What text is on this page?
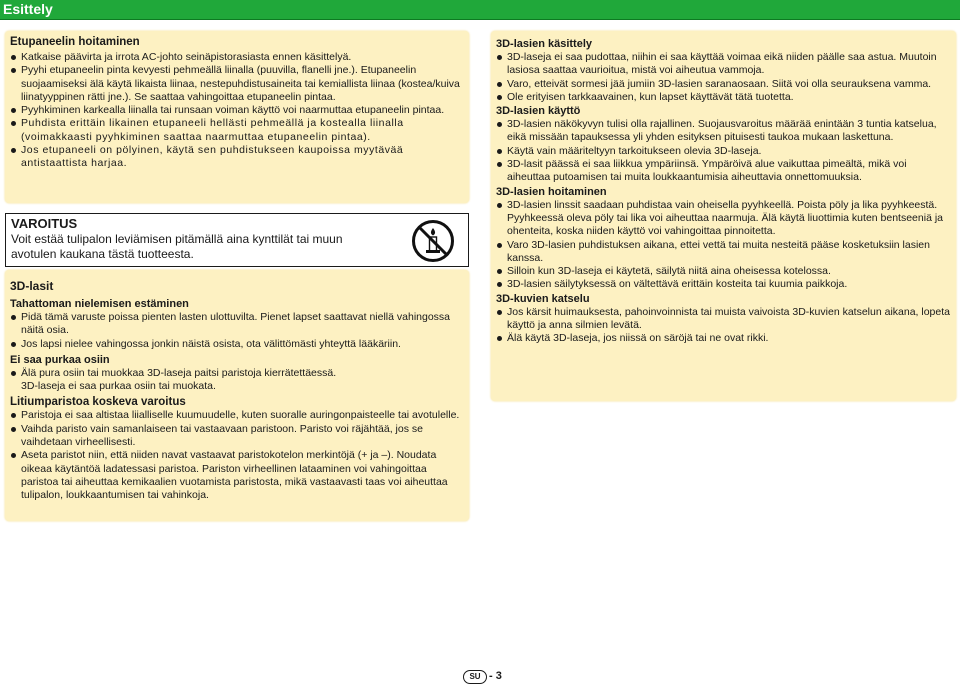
Esittely
Etupaneelin hoitaminen
Katkaise päävirta ja irrota AC-johto seinäpistorasiasta ennen käsittelyä.
Pyyhi etupaneelin pinta kevyesti pehmeällä liinalla (puuvilla, flanelli jne.). Etupaneelin suojaamiseksi älä käytä likaista liinaa, nestepuhdistusaineita tai kemiallista liinaa (kostea/kuiva liinatyyppinen rätti jne.). Se saattaa vahingoittaa etupaneelin pintaa.
Pyyhkiminen karkealla liinalla tai runsaan voiman käyttö voi naarmuttaa etupaneelin pintaa.
Puhdista erittäin likainen etupaneeli hellästi pehmeällä ja kostealla liinalla (voimakkaasti pyyhkiminen saattaa naarmuttaa etupaneelin pintaa).
Jos etupaneeli on pölyinen, käytä sen puhdistukseen kaupoissa myytävää antistaattista harjaa.
VAROITUS
Voit estää tulipalon leviämisen pitämällä aina kynttilät tai muun avotulen kaukana tästä tuotteesta.
3D-lasit
Tahattoman nielemisen estäminen
Pidä tämä varuste poissa pienten lasten ulottuvilta. Pienet lapset saattavat niellä vahingossa näitä osia.
Jos lapsi nielee vahingossa jonkin näistä osista, ota välittömästi yhteyttä lääkäriin.
Ei saa purkaa osiin
Älä pura osiin tai muokkaa 3D-laseja paitsi paristoja kierrätettäessä.
3D-laseja ei saa purkaa osiin tai muokata.
Litiumparistoa koskeva varoitus
Paristoja ei saa altistaa liialliselle kuumuudelle, kuten suoralle auringonpaisteelle tai avotulelle.
Vaihda paristo vain samanlaiseen tai vastaavaan paristoon. Paristo voi räjähtää, jos se vaihdetaan virheellisesti.
Aseta paristot niin, että niiden navat vastaavat paristokotelon merkintöjä (+ ja –). Noudata oikeaa käytäntöä ladatessasi paristoa. Pariston virheellinen lataaminen voi vahingoittaa paristoa tai aiheuttaa kemikaalien vuotamista paristosta, mikä vastaavasti taas voi aiheuttaa tulipalon, loukkaantumisen tai vahinkoja.
3D-lasien käsittely
3D-laseja ei saa pudottaa, niihin ei saa käyttää voimaa eikä niiden päälle saa astua. Muutoin lasiosa saattaa vaurioitua, mistä voi aiheutua vammoja.
Varo, etteivät sormesi jää jumiin 3D-lasien saranaosaan. Siitä voi olla seurauksena vamma.
Ole erityisen tarkkaavainen, kun lapset käyttävät tätä tuotetta.
3D-lasien käyttö
3D-lasien näkökyvyn tulisi olla rajallinen. Suojausvaroitus määrää enintään 3 tuntia katselua, eikä missään tapauksessa yli yhden esityksen pituisesti taukoa mukaan laskettuna.
Käytä vain määriteltyyn tarkoitukseen olevia 3D-laseja.
3D-lasit päässä ei saa liikkua ympäriinsä. Ympäröivä alue vaikuttaa pimeältä, mikä voi aiheuttaa putoamisen tai muita loukkaantumisia aiheuttavia onnettomuuksia.
3D-lasien hoitaminen
3D-lasien linssit saadaan puhdistaa vain oheisella pyyhkeellä. Poista pöly ja lika pyyhkeestä. Pyyhkeessä oleva pöly tai lika voi aiheuttaa naarmuja. Älä käytä liuottimia kuten bentseeniä ja ohenteita, koska niiden käyttö voi vahingoittaa pinnoitetta.
Varo 3D-lasien puhdistuksen aikana, ettei vettä tai muita nesteitä pääse kosketuksiin lasien kanssa.
Silloin kun 3D-laseja ei käytetä, säilytä niitä aina oheisessa kotelossa.
3D-lasien säilytyksessä on vältettävä erittäin kosteita tai kuumia paikkoja.
3D-kuvien katselu
Jos kärsit huimauksesta, pahoinvoinnista tai muista vaivoista 3D-kuvien katselun aikana, lopeta käyttö ja anna silmien levätä.
Älä käytä 3D-laseja, jos niissä on säröjä tai ne ovat rikki.
SU - 3
